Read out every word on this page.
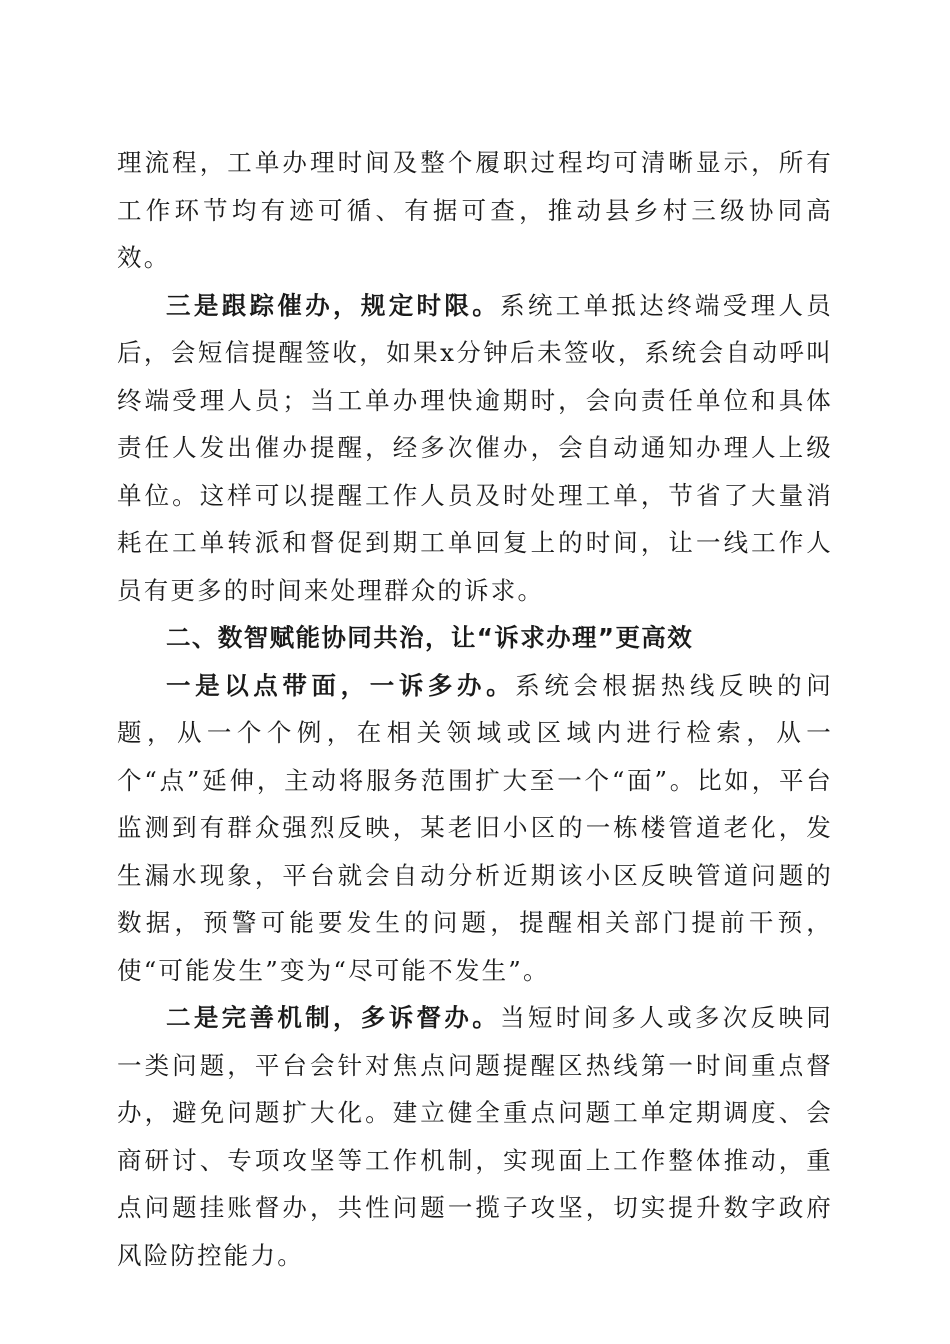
理流程，工单办理时间及整个履职过程均可清晰显示，所有工作环节均有迹可循、有据可查，推动县乡村三级协同高效。

三是跟踪催办，规定时限。系统工单抵达终端受理人员后，会短信提醒签收，如果x分钟后未签收，系统会自动呼叫终端受理人员；当工单办理快逾期时，会向责任单位和具体责任人发出催办提醒，经多次催办，会自动通知办理人上级单位。这样可以提醒工作人员及时处理工单，节省了大量消耗在工单转派和督促到期工单回复上的时间，让一线工作人员有更多的时间来处理群众的诉求。

二、数智赋能协同共治，让“诉求办理”更高效

一是以点带面，一诉多办。系统会根据热线反映的问题，从一个个例，在相关领域或区域内进行检索，从一个“点”延伸，主动将服务范围扩大至一个“面”。比如，平台监测到有群众强烈反映，某老旧小区的一栋楼管道老化，发生漏水现象，平台就会自动分析近期该小区反映管道问题的数据，预警可能要发生的问题，提醒相关部门提前干预，使“可能发生”变为“尽可能不发生”。

二是完善机制，多诉督办。当短时间多人或多次反映同一类问题，平台会针对焦点问题提醒区热线第一时间重点督办，避免问题扩大化。建立健全重点问题工单定期调度、会商研讨、专项攻坚等工作机制，实现面上工作整体推动，重点问题挂账督办，共性问题一揽子攻坚，切实提升数字政府风险防控能力。
